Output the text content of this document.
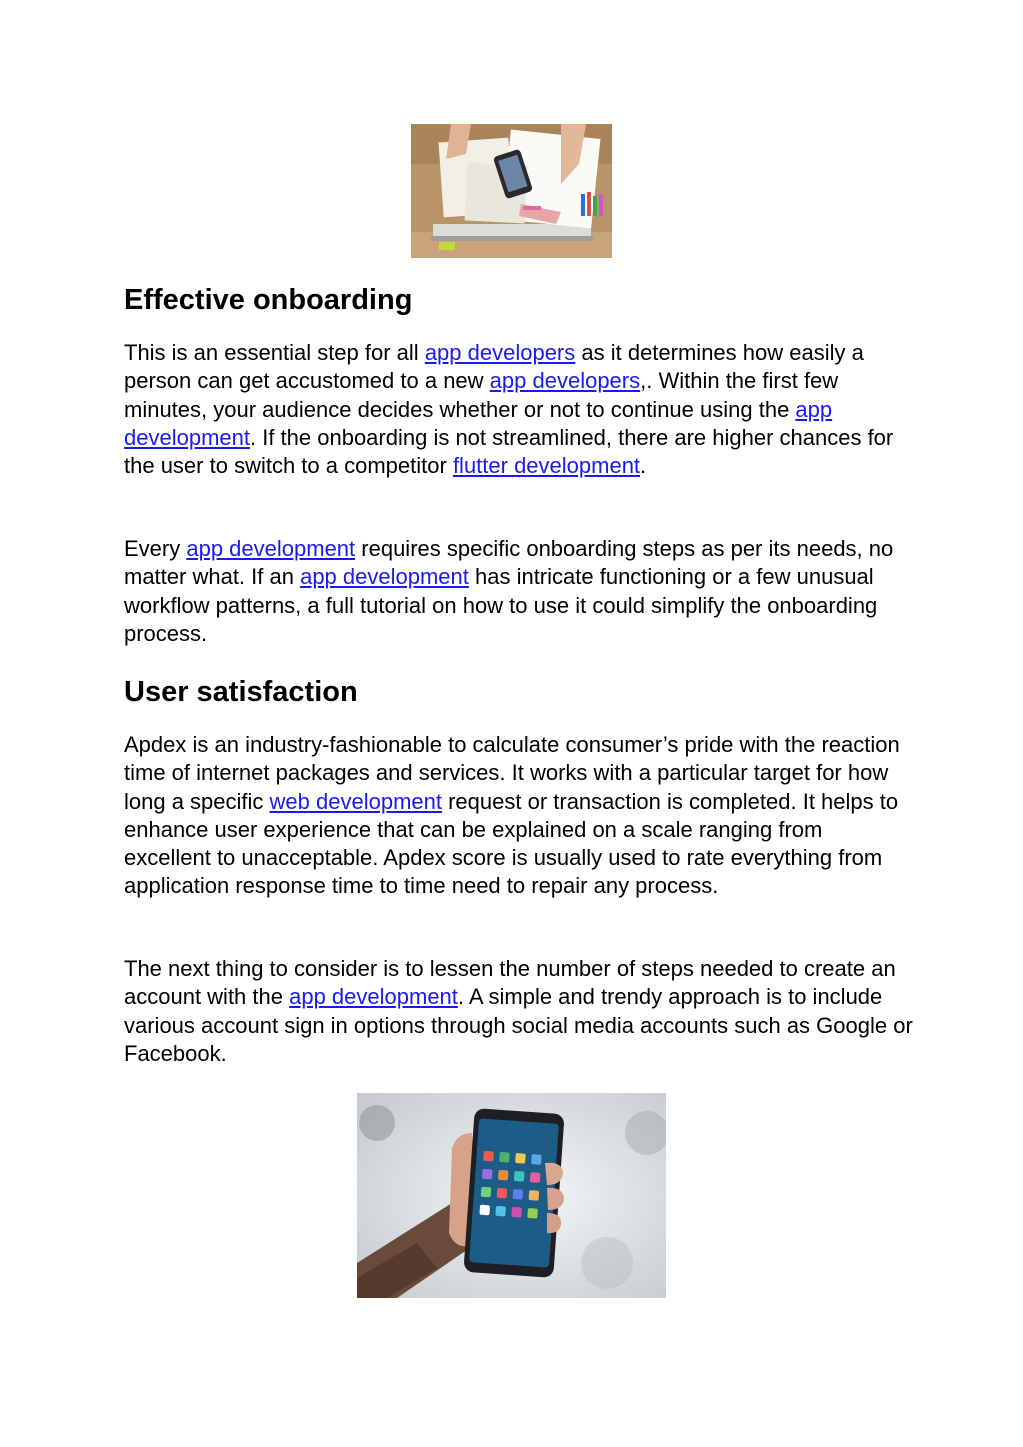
Effective onboarding

This is an essential step for all app developers as it determines how easily a person can get accustomed to a new app developers,. Within the first few minutes, your audience decides whether or not to continue using the app development. If the onboarding is not streamlined, there are higher chances for the user to switch to a competitor flutter development.

Every app development requires specific onboarding steps as per its needs, no matter what. If an app development has intricate functioning or a few unusual workflow patterns, a full tutorial on how to use it could simplify the onboarding process.

User satisfaction

Apdex is an industry-fashionable to calculate consumer’s pride with the reaction time of internet packages and services. It works with a particular target for how long a specific web development request or transaction is completed. It helps to enhance user experience that can be explained on a scale ranging from excellent to unacceptable. Apdex score is usually used to rate everything from application response time to time need to repair any process.

The next thing to consider is to lessen the number of steps needed to create an account with the app development. A simple and trendy approach is to include various account sign in options through social media accounts such as Google or Facebook.
